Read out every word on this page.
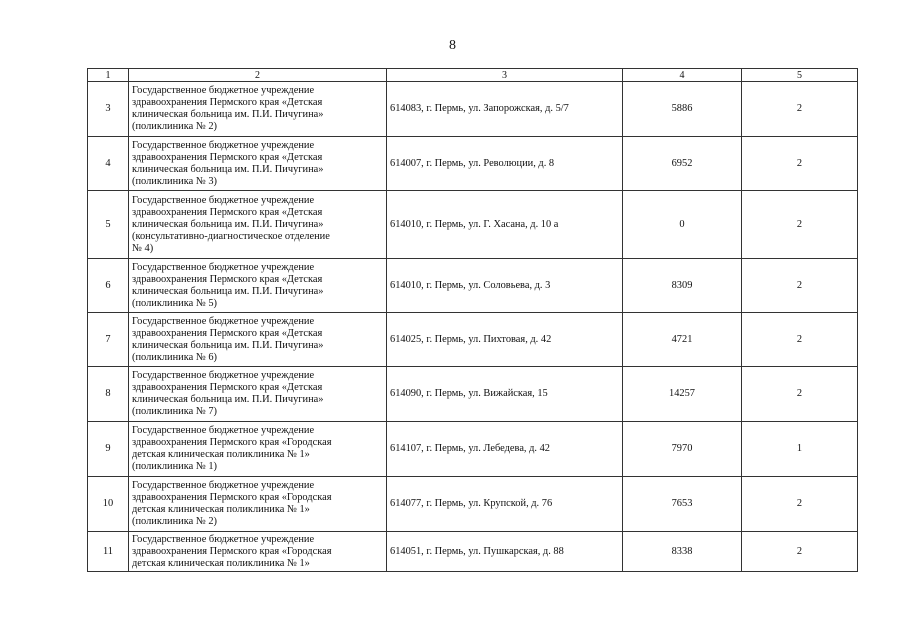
8
1	2	3	4	5
3	Государственное бюджетное учреждение
здравоохранения Пермского края «Детская
клиническая больница им. П.И. Пичугина»
(поликлиника № 2)	614083, г. Пермь, ул. Запорожская, д. 5/7	5886	2
4	Государственное бюджетное учреждение
здравоохранения Пермского края «Детская
клиническая больница им. П.И. Пичугина»
(поликлиника № 3)	614007, г. Пермь, ул. Революции, д. 8	6952	2
5	Государственное бюджетное учреждение
здравоохранения Пермского края «Детская
клиническая больница им. П.И. Пичугина»
(консультативно-диагностическое отделение
№ 4)	614010, г. Пермь, ул. Г. Хасана, д. 10 а	0	2
6	Государственное бюджетное учреждение
здравоохранения Пермского края «Детская
клиническая больница им. П.И. Пичугина»
(поликлиника № 5)	614010, г. Пермь, ул. Соловьева, д. 3	8309	2
7	Государственное бюджетное учреждение
здравоохранения Пермского края «Детская
клиническая больница им. П.И. Пичугина»
(поликлиника № 6)	614025, г. Пермь, ул. Пихтовая, д. 42	4721	2
8	Государственное бюджетное учреждение
здравоохранения Пермского края «Детская
клиническая больница им. П.И. Пичугина»
(поликлиника № 7)	614090, г. Пермь, ул. Вижайская, 15	14257	2
9	Государственное бюджетное учреждение
здравоохранения Пермского края «Городская
детская клиническая поликлиника № 1»
(поликлиника № 1)	614107, г. Пермь, ул. Лебедева, д. 42	7970	1
10	Государственное бюджетное учреждение
здравоохранения Пермского края «Городская
детская клиническая поликлиника № 1»
(поликлиника № 2)	614077, г. Пермь, ул. Крупской, д. 76	7653	2
11	Государственное бюджетное учреждение
здравоохранения Пермского края «Городская
детская клиническая поликлиника № 1»	614051, г. Пермь, ул. Пушкарская, д. 88	8338	2
